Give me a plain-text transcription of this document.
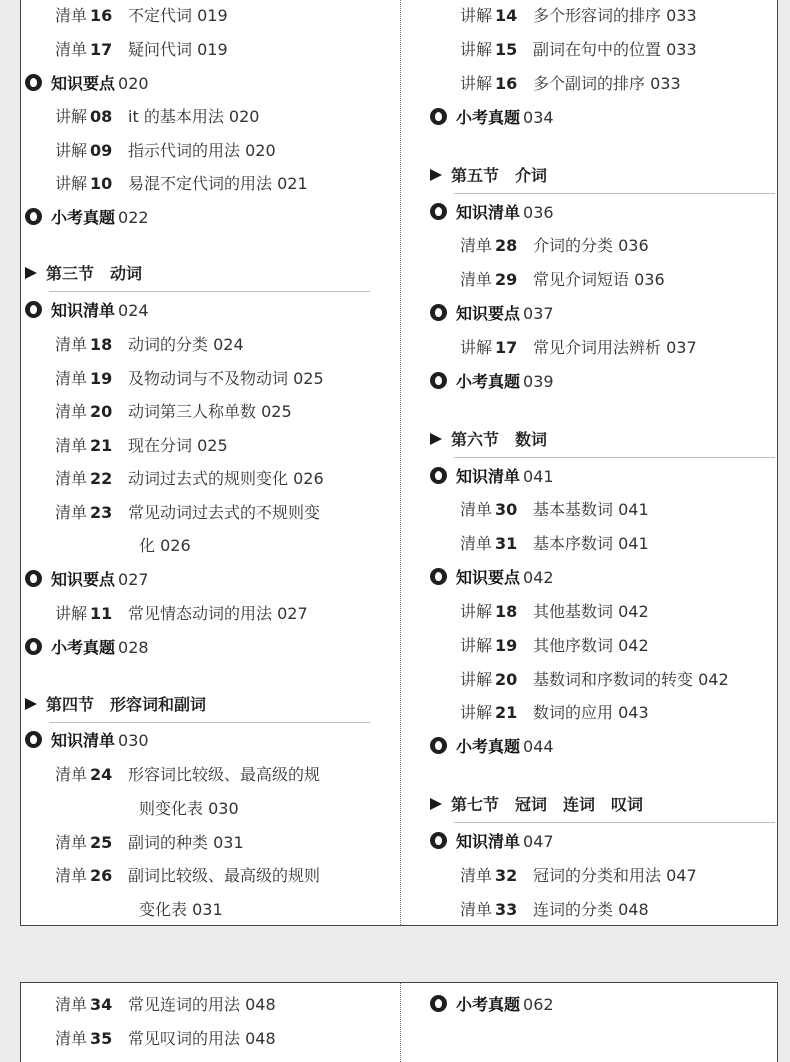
清单 16 不定代词 019
清单 17 疑问代词 019
知识要点 020
讲解 08 it 的基本用法 020
讲解 09 指示代词的用法 020
讲解 10 易混不定代词的用法 021
小考真题 022
第三节 动词
知识清单 024
清单 18 动词的分类 024
清单 19 及物动词与不及物动词 025
清单 20 动词第三人称单数 025
清单 21 现在分词 025
清单 22 动词过去式的规则变化 026
清单 23 常见动词过去式的不规则变
化 026
知识要点 027
讲解 11 常见情态动词的用法 027
小考真题 028
第四节 形容词和副词
知识清单 030
清单 24 形容词比较级、最高级的规
则变化表 030
清单 25 副词的种类 031
清单 26 副词比较级、最高级的规则
变化表 031
讲解 14 多个形容词的排序 033
讲解 15 副词在句中的位置 033
讲解 16 多个副词的排序 033
小考真题 034
第五节 介词
知识清单 036
清单 28 介词的分类 036
清单 29 常见介词短语 036
知识要点 037
讲解 17 常见介词用法辨析 037
小考真题 039
第六节 数词
知识清单 041
清单 30 基本基数词 041
清单 31 基本序数词 041
知识要点 042
讲解 18 其他基数词 042
讲解 19 其他序数词 042
讲解 20 基数词和序数词的转变 042
讲解 21 数词的应用 043
小考真题 044
第七节 冠词　连词　叹词
知识清单 047
清单 32 冠词的分类和用法 047
清单 33 连词的分类 048
清单 34 常见连词的用法 048
清单 35 常见叹词的用法 048
小考真题 062
